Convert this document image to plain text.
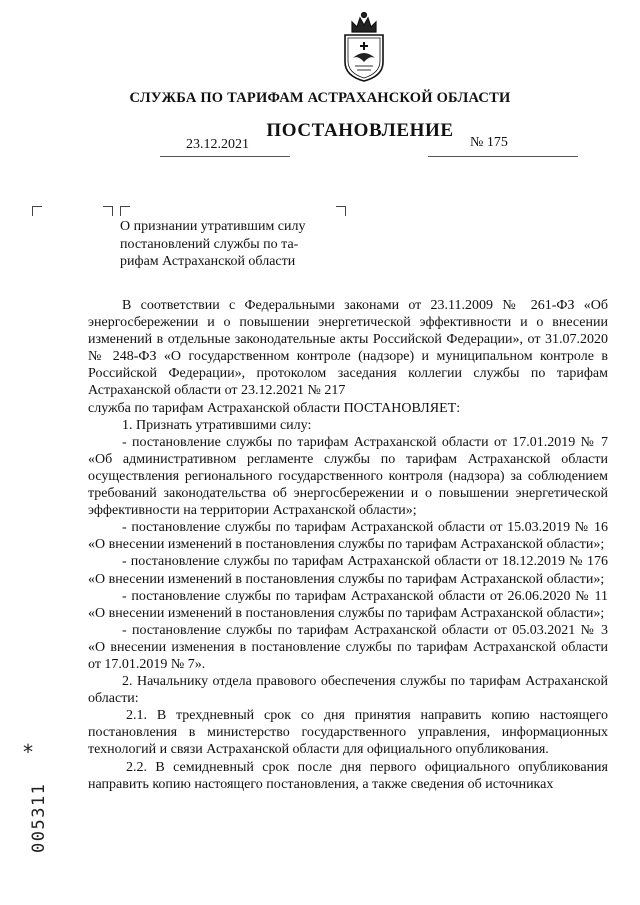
СЛУЖБА ПО ТАРИФАМ АСТРАХАНСКОЙ ОБЛАСТИ
ПОСТАНОВЛЕНИЕ
23.12.2021	№ 175
О признании утратившим силу
постановлений службы по та-
рифам Астраханской области

В соответствии с Федеральными законами от 23.11.2009 № 261-ФЗ «Об энергосбережении и о повышении энергетической эффективности и о внесении изменений в отдельные законодательные акты Российской Федерации», от 31.07.2020 № 248-ФЗ «О государственном контроле (надзоре) и муниципальном контроле в Российской Федерации», протоколом заседания коллегии службы по тарифам Астраханской области от 23.12.2021 № 217

служба по тарифам Астраханской области ПОСТАНОВЛЯЕТ:

1. Признать утратившими силу:

- постановление службы по тарифам Астраханской области от 17.01.2019 № 7 «Об административном регламенте службы по тарифам Астраханской области осуществления регионального государственного контроля (надзора) за соблюдением требований законодательства об энергосбережении и о повышении энергетической эффективности на территории Астраханской области»;

- постановление службы по тарифам Астраханской области от 15.03.2019 № 16 «О внесении изменений в постановления службы по тарифам Астраханской области»;

- постановление службы по тарифам Астраханской области от 18.12.2019 № 176 «О внесении изменений в постановления службы по тарифам Астраханской области»;

- постановление службы по тарифам Астраханской области от 26.06.2020 № 11 «О внесении изменений в постановления службы по тарифам Астраханской области»;

- постановление службы по тарифам Астраханской области от 05.03.2021 № 3 «О внесении изменения в постановление службы по тарифам Астраханской области от 17.01.2019 № 7».

2. Начальнику отдела правового обеспечения службы по тарифам Астраханской области:

2.1. В трехдневный срок со дня принятия направить копию настоящего постановления в министерство государственного управления, информационных технологий и связи Астраханской области для официального опубликования.

2.2. В семидневный срок после дня первого официального опубликования направить копию настоящего постановления, а также сведения об источниках

*
005311
